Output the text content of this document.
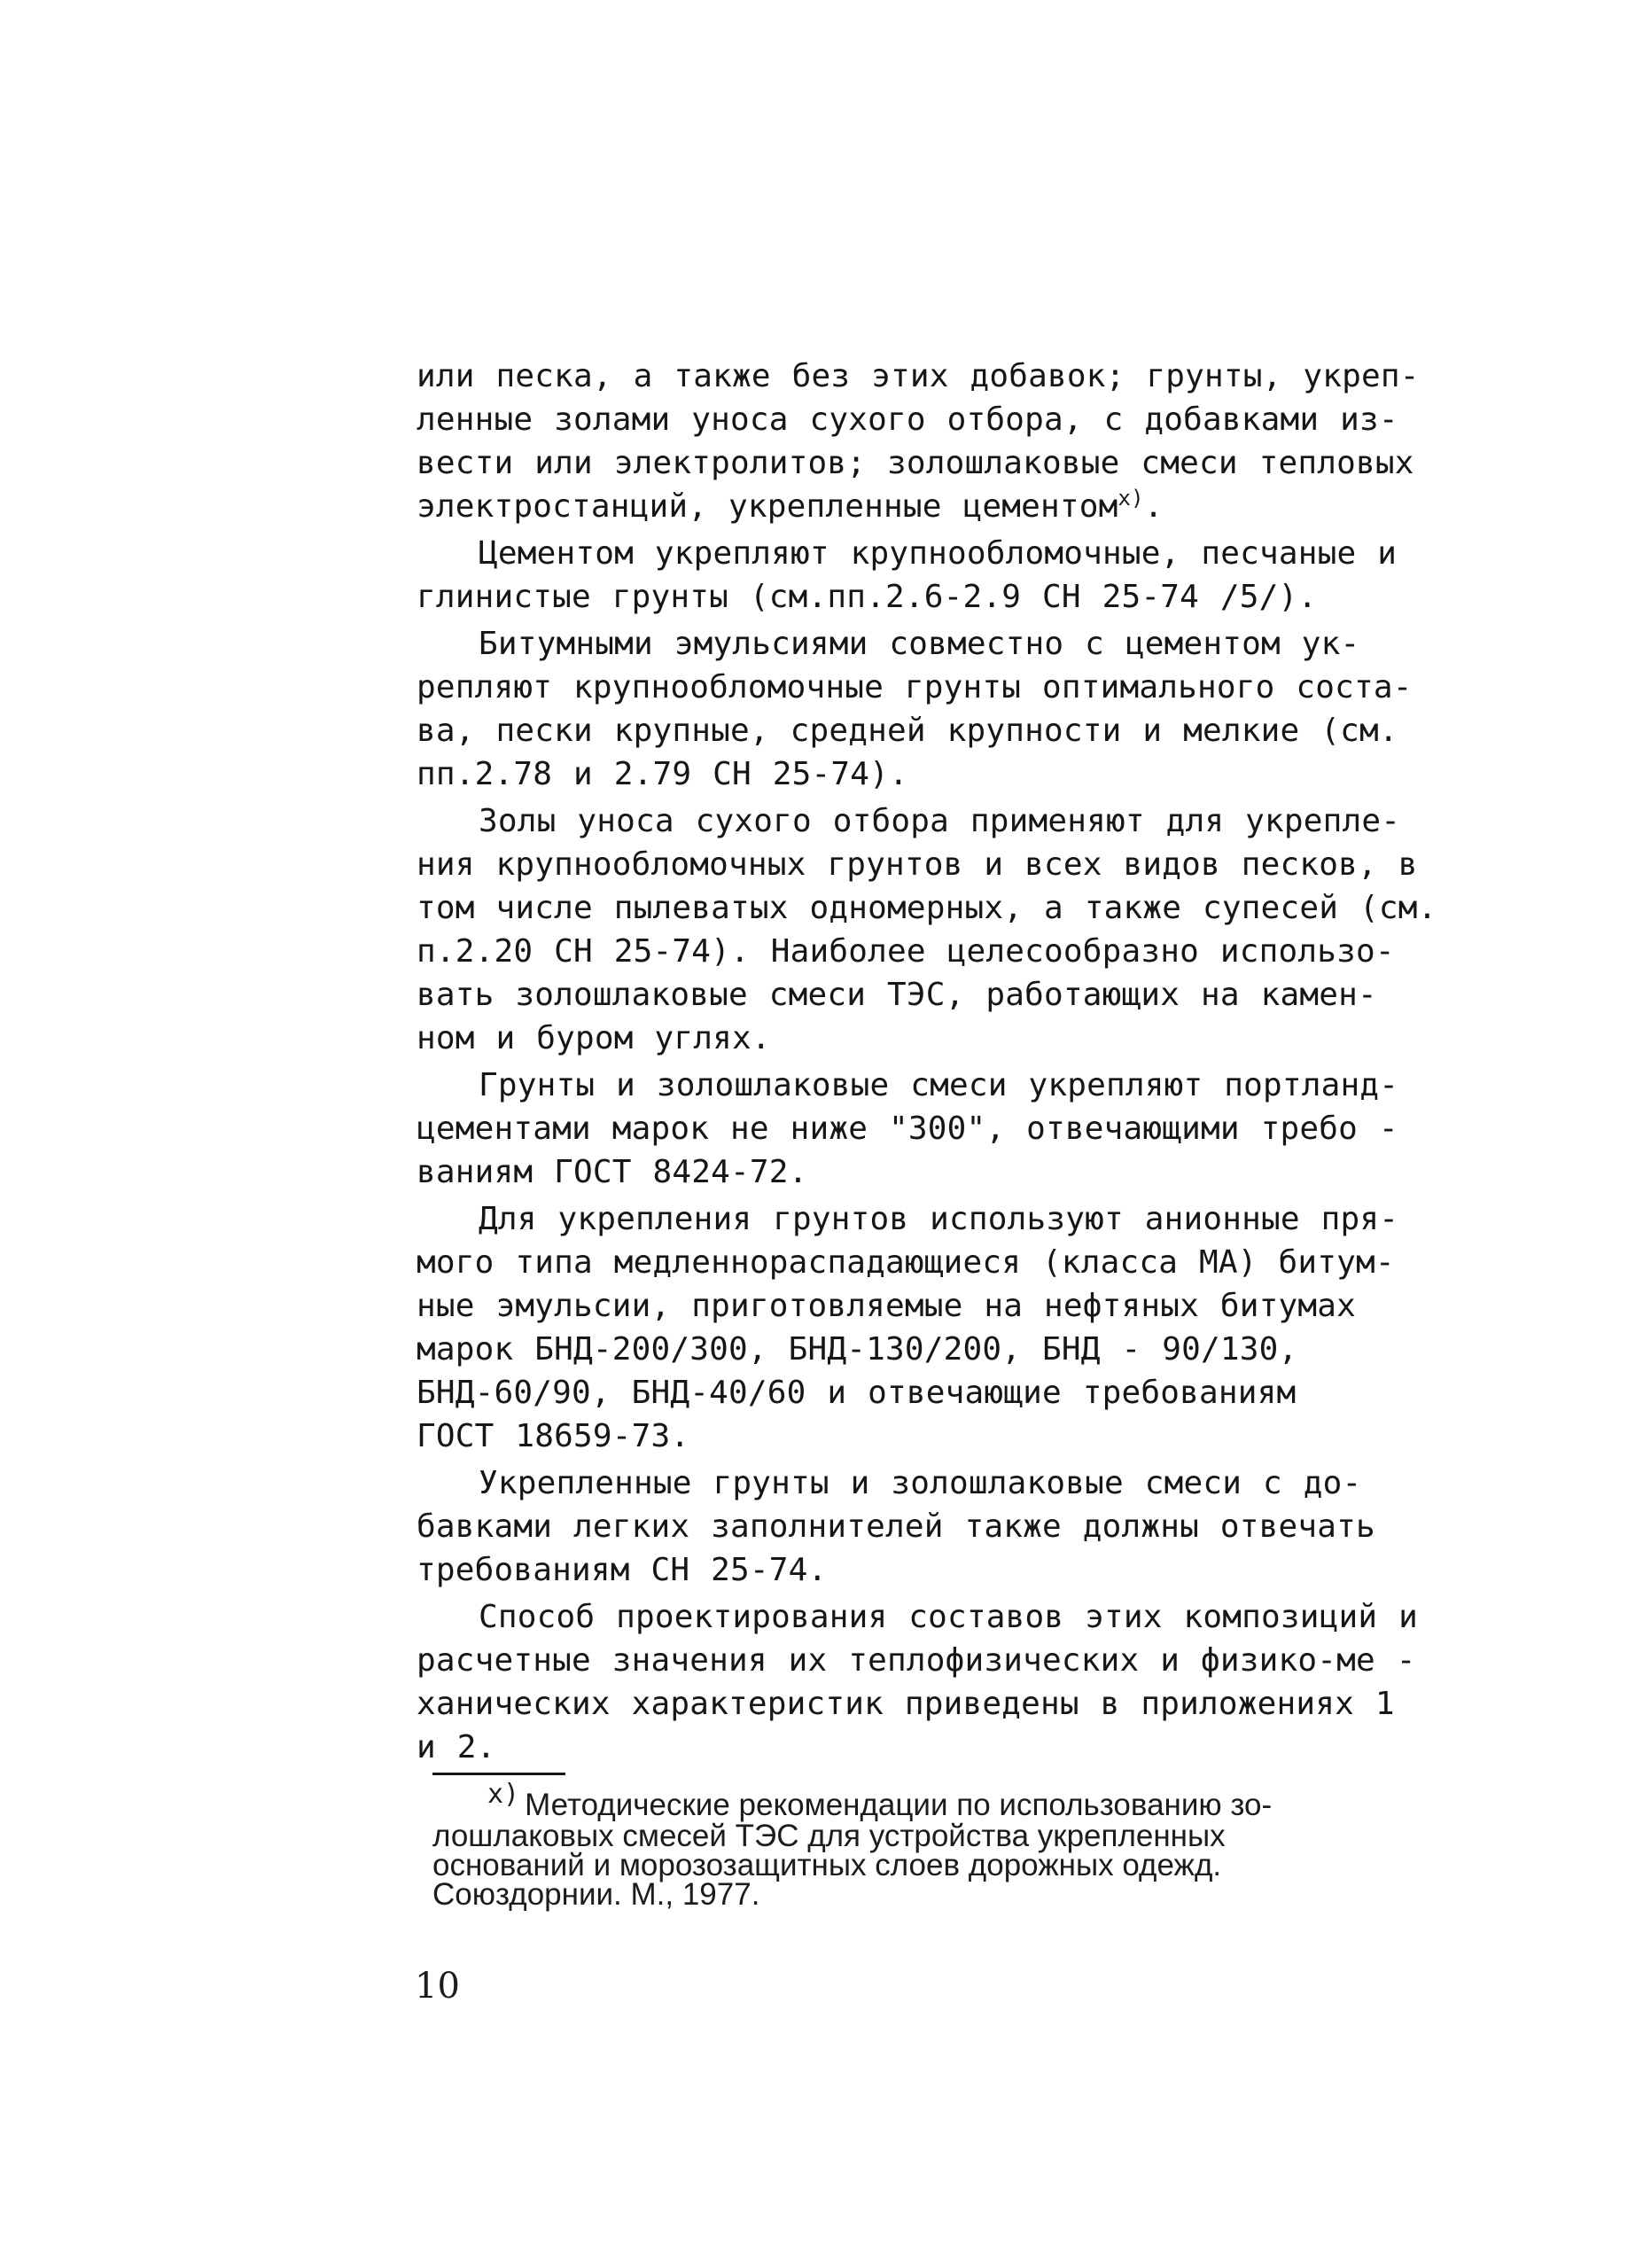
или песка, а также без этих добавок; грунты, укреп-
ленные золами уноса сухого отбора, с добавками из-
вести или электролитов; золошлаковые смеси тепловых
электростанций, укрепленные цементом$^{x)}$.

Цементом укрепляют крупнообломочные, песчаные и
глинистые грунты (см.пп.2.6-2.9 СН 25-74 /5/).

Битумными эмульсиями совместно с цементом ук-
репляют крупнообломочные грунты оптимального соста-
ва, пески крупные, средней крупности и мелкие (см.
пп.2.78 и 2.79 СН 25-74).

Золы уноса сухого отбора применяют для укрепле-
ния крупнообломочных грунтов и всех видов песков, в
том числе пылеватых одномерных, а также супесей (см.
п.2.20 СН 25-74). Наиболее целесообразно использо-
вать золошлаковые смеси ТЭС, работающих на камен-
ном и буром углях.

Грунты и золошлаковые смеси укрепляют портланд-
цементами марок не ниже "300", отвечающими требо -
ваниям ГОСТ 8424-72.

Для укрепления грунтов используют анионные пря-
мого типа медленнораспадающиеся (класса МА) битум-
ные эмульсии, приготовляемые на нефтяных битумах
марок БНД-200/300, БНД-130/200, БНД - 90/130,
БНД-60/90, БНД-40/60 и отвечающие требованиям
ГОСТ 18659-73.

Укрепленные грунты и золошлаковые смеси с до-
бавками легких заполнителей также должны отвечать
требованиям СН 25-74.

Способ проектирования составов этих композиций и
расчетные значения их теплофизических и физико-ме -
ханических характеристик приведены в приложениях 1
и 2.

x) Методические рекомендации по использованию зо-
лошлаковых смесей ТЭС для устройства укрепленных
оснований и морозозащитных слоев дорожных одежд.
Союздорнии. М., 1977.
10
